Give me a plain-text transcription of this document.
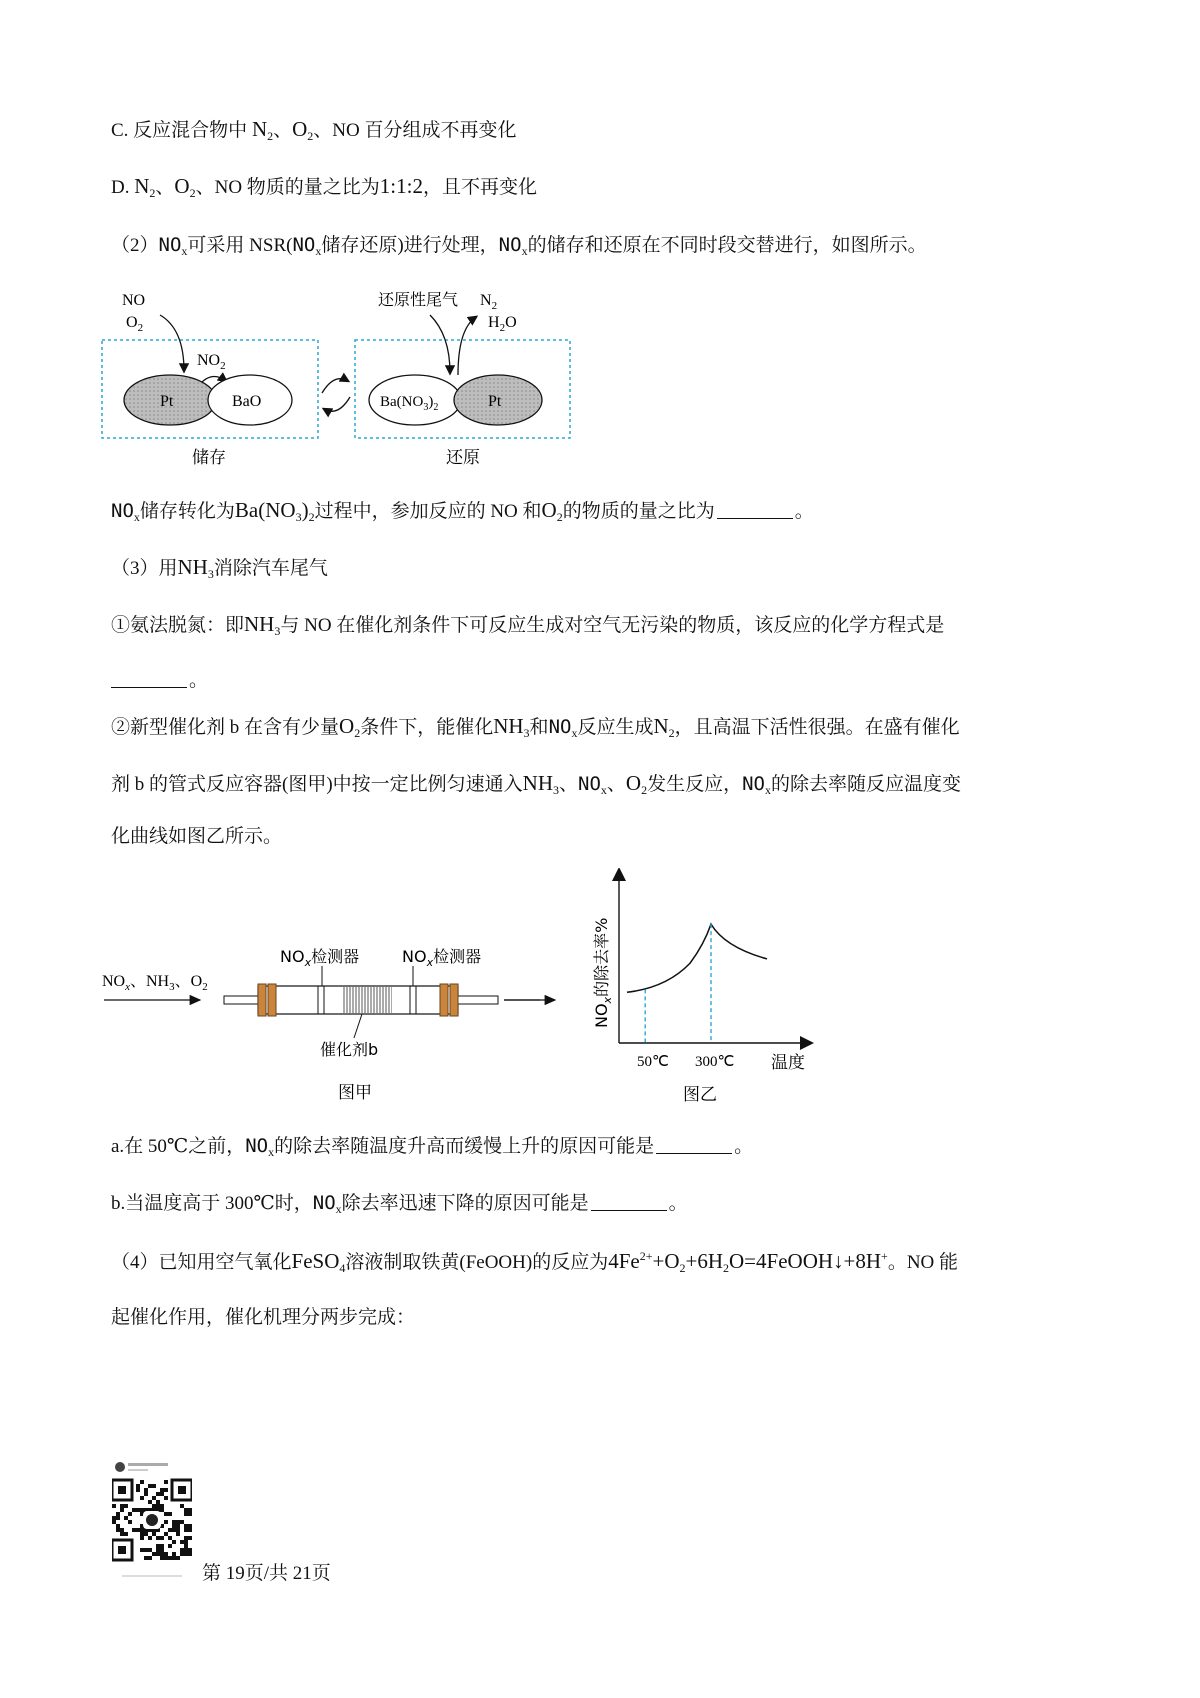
C. 反应混合物中 $N_2$、$O_2$、NO 百分组成不再变化
D. $N_2$、$O_2$、NO 物质的量之比为1:1:2，且不再变化
$(2)NO_x$可采用 $NSR(NO_x$储存还原)进行处理，$NO_x$的储存和还原在不同时段交替进行，如图所示。
NO
$O_2$
$NO_2$
Pt	BaO
还原性尾气 $N_2$
$H_2O$
$Ba(NO_3)_2$	Pt
储存	还原
$NO_x$储存转化为$Ba(NO_3)_2$过程中，参加反应的 NO 和$O_2$的物质的量之比为	。
（3）用$NH_3$消除汽车尾气
①氨法脱氮：即$NH_3$与 NO 在催化剂条件下可反应生成对空气无污染的物质，该反应的化学方程式是
。
②新型催化剂 b 在含有少量$O_2$条件下，能催化$NH_3$和$NO_x$反应生成$N_2$，且高温下活性很强。在盛有催化
剂 b 的管式反应容器(图甲)中按一定比例匀速通入$NH_3$、$NO_x$、$O_2$发生反应，$NO_x$的除去率随反应温度变
化曲线如图乙所示。
$NO_x$、$NH_3$、$O_2$
$NO_x$检测器	$NO_x$检测器
催化剂b
图甲
$NO_x$的除去率%
50℃ 300℃ 温度
图乙
a.在 50℃之前，$NO_x$的除去率随温度升高而缓慢上升的原因可能是	。
b.当温度高于 300℃时，$NO_x$除去率迅速下降的原因可能是	。
（4）已知用空气氧化FeSO$_4$溶液制取铁黄(FeOOH)的反应为$4Fe^{2+}+O_2+6H_2O=4FeOOH↓+8H^+$。NO 能
起催化作用，催化机理分两步完成：
第 19页/共 21页
